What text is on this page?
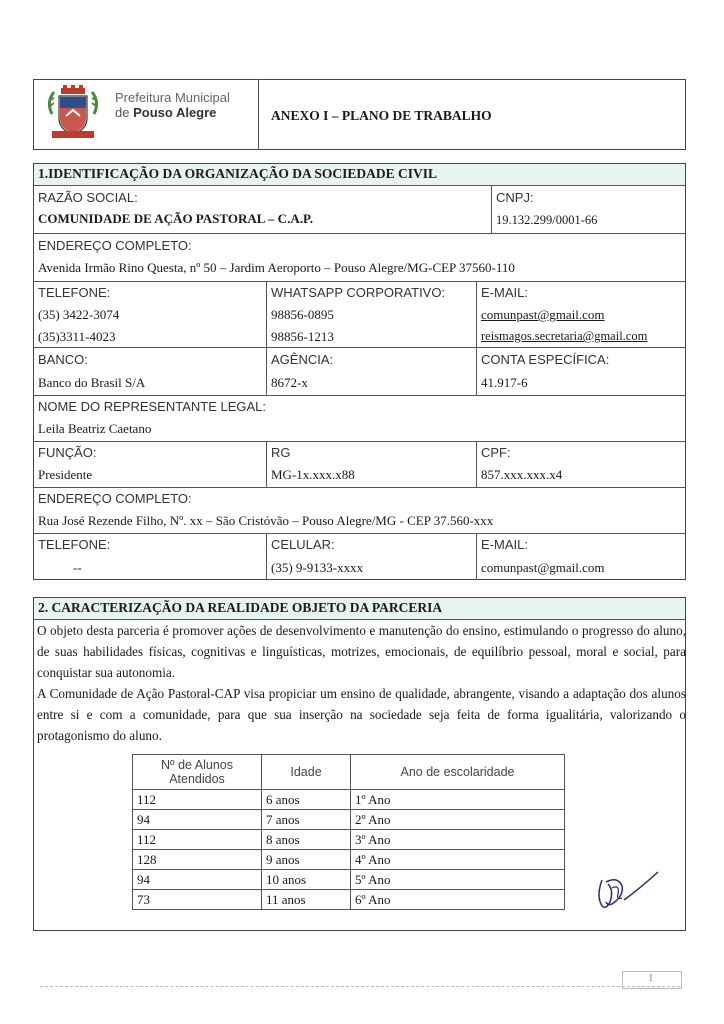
Prefeitura Municipal
de Pouso Alegre	ANEXO I – PLANO DE TRABALHO
1.IDENTIFICAÇÃO DA ORGANIZAÇÃO DA SOCIEDADE CIVIL
RAZÃO SOCIAL:
COMUNIDADE DE AÇÃO PASTORAL – C.A.P.
CNPJ:
19.132.299/0001-66
ENDEREÇO COMPLETO:
Avenida Irmão Rino Questa, nº 50 – Jardim Aeroporto – Pouso Alegre/MG-CEP 37560-110
TELEFONE:
(35) 3422-3074
(35)3311-4023
WHATSAPP CORPORATIVO:
98856-0895
98856-1213
E-MAIL:
comunpast@gmail.com
reismagos.secretaria@gmail.com
BANCO:
Banco do Brasil S/A
AGÊNCIA:
8672-x
CONTA ESPECÍFICA:
41.917-6
NOME DO REPRESENTANTE LEGAL:
Leila Beatriz Caetano
FUNÇÃO:
Presidente
RG
MG-1x.xxx.x88
CPF:
857.xxx.xxx.x4
ENDEREÇO COMPLETO:
Rua José Rezende Filho, Nº. xx – São Cristóvão – Pouso Alegre/MG - CEP 37.560-xxx
TELEFONE:
--
CELULAR:
(35) 9-9133-xxxx
E-MAIL:
comunpast@gmail.com
2. CARACTERIZAÇÃO DA REALIDADE OBJETO DA PARCERIA
O objeto desta parceria é promover ações de desenvolvimento e manutenção do ensino, estimulando o progresso do aluno, de suas habilidades físicas, cognitivas e linguísticas, motrizes, emocionais, de equilíbrio pessoal, moral e social, para conquistar sua autonomia.
A Comunidade de Ação Pastoral-CAP visa propiciar um ensino de qualidade, abrangente, visando a adaptação dos alunos entre si e com a comunidade, para que sua inserção na sociedade seja feita de forma igualitária, valorizando o protagonismo do aluno.
Nº de Alunos Atendidos	Idade	Ano de escolaridade
112	6 anos	1º Ano
94	7 anos	2º Ano
112	8 anos	3º Ano
128	9 anos	4º Ano
94	10 anos	5º Ano
73	11 anos	6º Ano
1
